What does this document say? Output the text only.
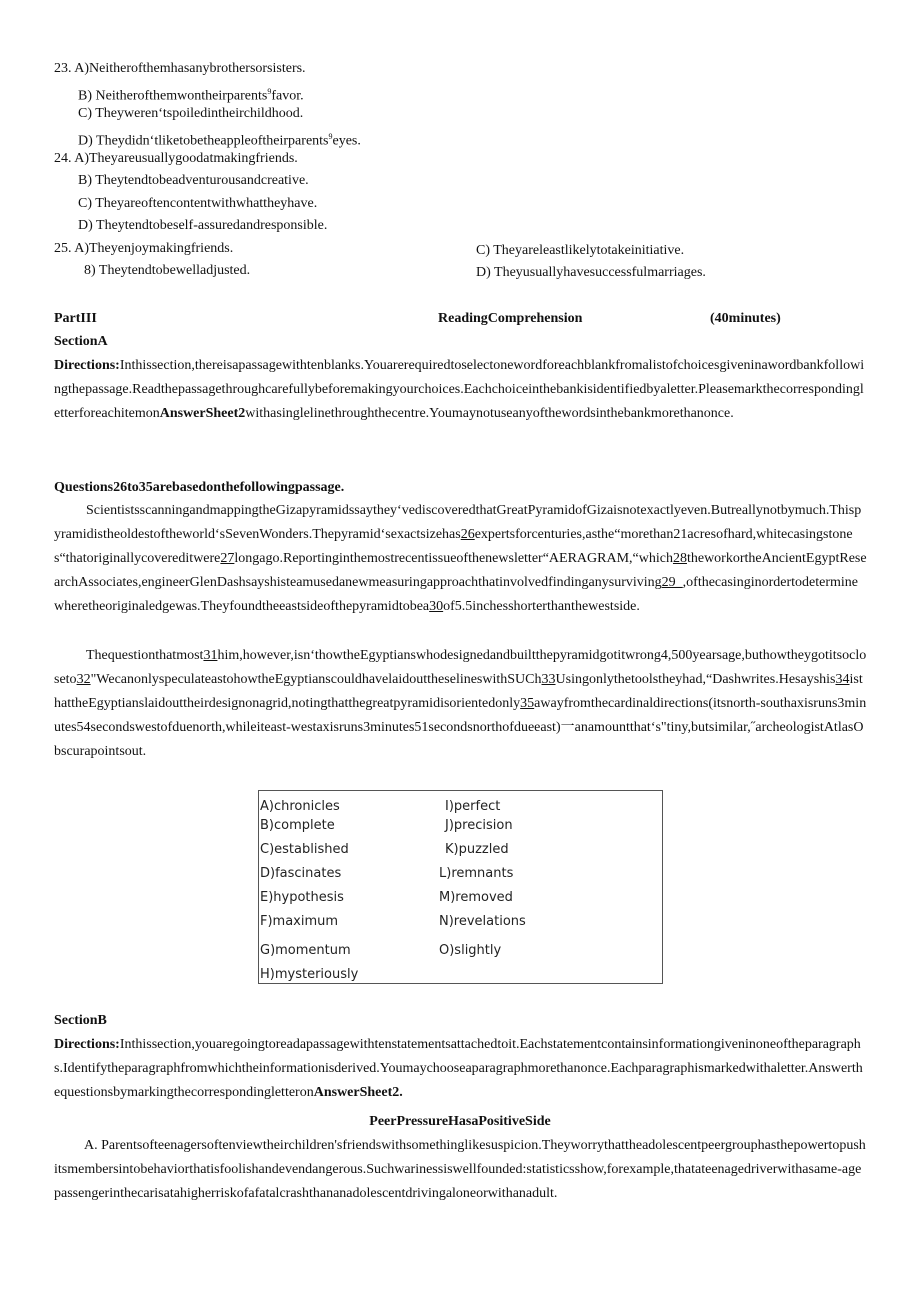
23. A)Neitherofthemhasanybrothersorsisters.
B) Neitherofthemwontheirparents$^9$favor.
C) Theywerenʻtspoiledintheirchildhood.
D) Theydidnʻtliketobetheappleoftheirparents$^9$eyes.
24. A)Theyareusuallygoodatmakingfriends.
B) Theytendtobeadventurousandcreative.
C) Theyareoftencontentwithwhattheyhave.
D) Theytendtobeself-assuredandresponsible.
25. A)Theyenjoymakingfriends.
8) Theytendtobewelladjusted.
C) Theyareleastlikelytotakeinitiative.
D) Theyusuallyhavesuccessfulmarriages.
PartIII	ReadingComprehension	(40minutes)
SectionA
Directions:Inthissection,thereisapassagewithtenblanks.Youarerequiredtoselectonewordforeachblankfromalistofchoicesgiveninawordbankfollowingthepassage.Readthepassagethroughcarefullybeforemakingyourchoices.Eachchoiceinthebankisidentifiedbyaletter.PleasemarkthecorrespondingletterforeachitemonAnswerSheet2withasinglelinethroughthecentre.Youmaynotuseanyofthewordsinthebankmorethanonce.
Questions26to35arebasedonthefollowingpassage.
ScientistsscanningandmappingtheGizapyramidssaytheyʻvediscoveredthatGreatPyramidofGizaisnotexactlyeven.Butreallynotbymuch.ThispyramidistheoldestoftheworldʻsSevenWonders.Thepyramidʻsexactsizehas26expertsforcenturies,asthe“morethan21acresofhard,whitecasingstones“thatoriginallycovereditwere27longago.Reportinginthemostrecentissueofthenewsletter“AERAGRAM,“which28theworkortheAncientEgyptResearchAssociates,engineerGlenDashsayshisteamusedanewmeasuringapproachthatinvolvedfindinganysurviving29_,ofthecasinginordertodeterminewheretheoriginaledgewas.Theyfoundtheeastsideofthepyramidtobea30of5.5inchesshorterthanthewestside.
Thequestionthatmost31him,however,isnʻthowtheEgyptianswhodesignedandbuiltthepyramidgotitwrong4,500yearsage,buthowtheygotitsocloseto32"WecanonlyspeculateastohowtheEgyptianscouldhavelaidouttheselineswithSUCh33Usingonlythetoolstheyhad,“Dashwrites.Hesayshis34isthattheEgyptianslaidouttheirdesignonagrid,notingthatthegreatpyramidisorientedonly35awayfromthecardinaldirections(itsnorth-southaxisruns3minutes54secondswestofduenorth,whileiteast-westaxisruns3minutes51secondsnorthofdueeast)一anamountthatʻs"tiny,butsimilar,˝archeologistAtlasObscurapointsout.
A)chronicles
B)complete
C)established
D)fascinates
E)hypothesis
F)maximum
G)momentum
H)mysteriously
I)perfect
J)precision
K)puzzled
L)remnants
M)removed
N)revelations
O)slightly
SectionB
Directions:Inthissection,youaregoingtoreadapassagewithtenstatementsattachedtoit.Eachstatementcontainsinformationgiveninoneoftheparagraphs.Identifytheparagraphfromwhichtheinformationisderived.Youmaychooseaparagraphmorethanonce.Eachparagraphismarkedwithaletter.AnswerthequestionsbymarkingthecorrespondingletteronAnswerSheet2.
PeerPressureHasaPositiveSide
A. Parentsofteenagersoftenviewtheirchildren'sfriendswithsomethinglikesuspicion.Theyworrythattheadolescentpeergrouphasthepowertopushitsmembersintobehaviorthatisfoolishandevendangerous.Suchwarinessiswellfounded:statisticsshow,forexample,thatateenagedriverwithasame-agepassengerinthecarisatahigherriskofafatalcrashthananadolescentdrivingaloneorwithanadult.
